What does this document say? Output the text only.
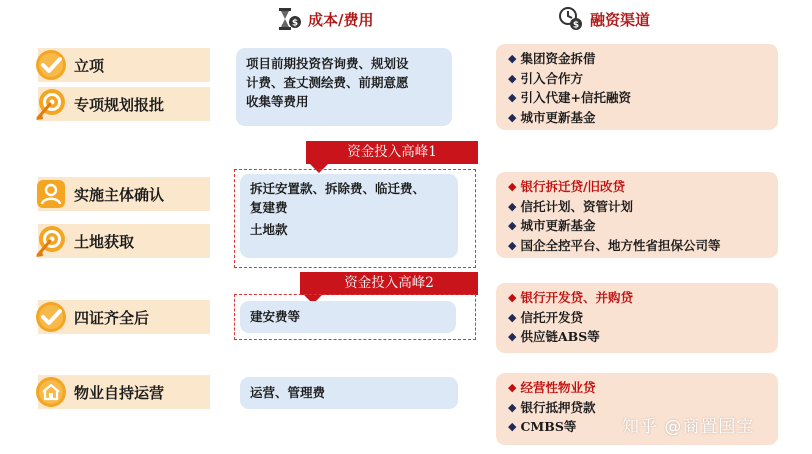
$ 成本/费用	$ 融资渠道
立项
专项规划报批
实施主体确认
土地获取
四证齐全后
物业自持运营
项目前期投资咨询费、规划设
计费、查丈测绘费、前期意愿
收集等费用
资金投入高峰1
拆迁安置款、拆除费、临迁费、
复建费
土地款
资金投入高峰2
建安费等
运营、管理费
◆ 集团资金拆借
◆ 引入合作方
◆ 引入代建+信托融资
◆ 城市更新基金
◆ 银行拆迁贷/旧改贷
◆ 信托计划、资管计划
◆ 城市更新基金
◆ 国企全控平台、地方性省担保公司等
◆ 银行开发贷、并购贷
◆ 信托开发贷
◆ 供应链ABS等
◆ 经营性物业贷
◆ 银行抵押贷款
◆ CMBS等	知乎 @商置国宝
